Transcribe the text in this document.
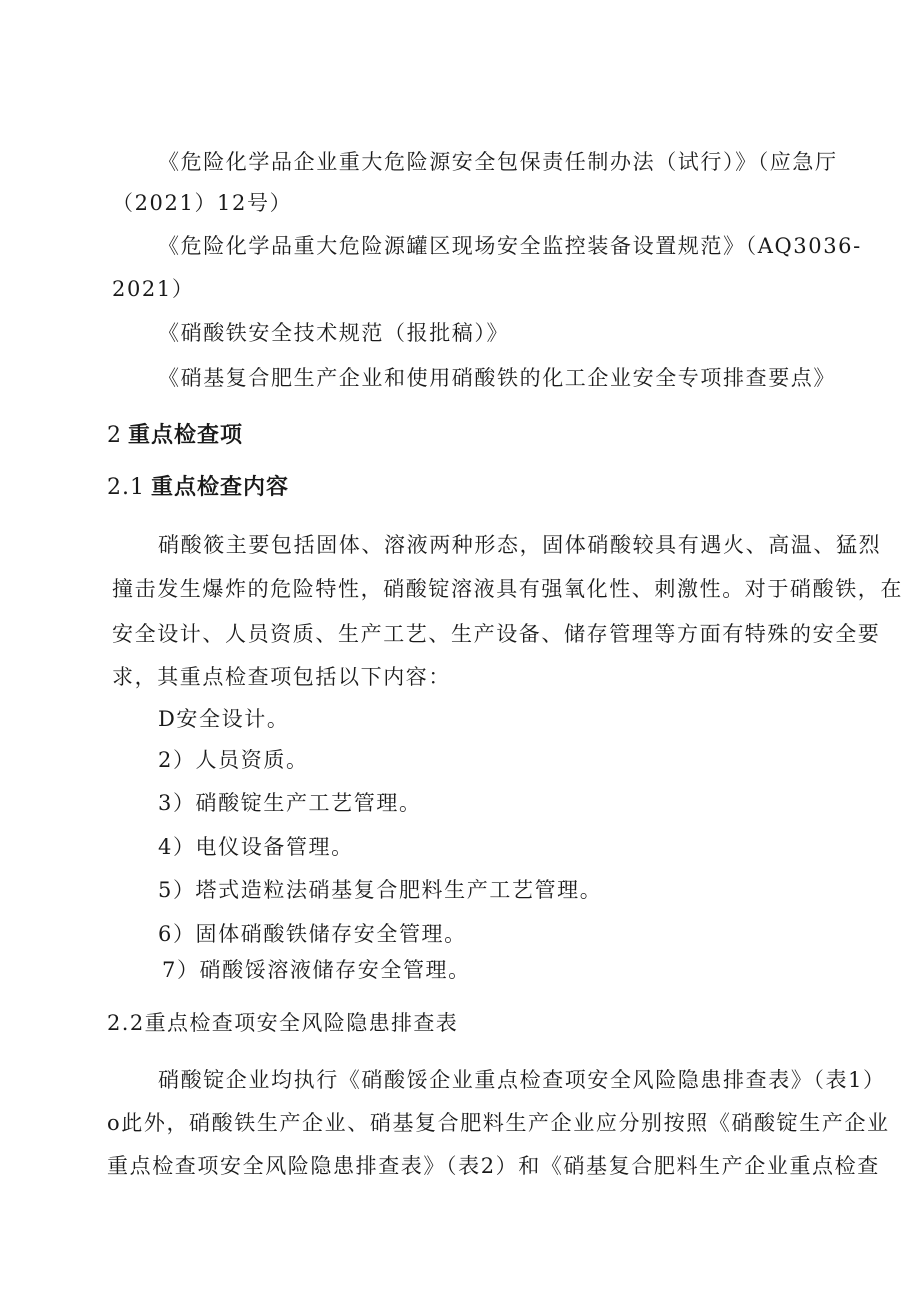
《危险化学品企业重大危险源安全包保责任制办法（试行）》（应急厅
（2021）12号）
《危险化学品重大危险源罐区现场安全监控装备设置规范》（AQ3036-
2021）
《硝酸铁安全技术规范（报批稿）》
《硝基复合肥生产企业和使用硝酸铁的化工企业安全专项排查要点》
2 重点检查项
2.1 重点检查内容
硝酸筱主要包括固体、溶液两种形态，固体硝酸较具有遇火、高温、猛烈
撞击发生爆炸的危险特性，硝酸锭溶液具有强氧化性、刺激性。对于硝酸铁，在
安全设计、人员资质、生产工艺、生产设备、储存管理等方面有特殊的安全要
求，其重点检查项包括以下内容：
D安全设计。
2）人员资质。
3）硝酸锭生产工艺管理。
4）电仪设备管理。
5）塔式造粒法硝基复合肥料生产工艺管理。
6）固体硝酸铁储存安全管理。
7）硝酸馁溶液储存安全管理。
2.2重点检查项安全风险隐患排查表
硝酸锭企业均执行《硝酸馁企业重点检查项安全风险隐患排查表》（表1）
o此外，硝酸铁生产企业、硝基复合肥料生产企业应分别按照《硝酸锭生产企业
重点检查项安全风险隐患排查表》（表2）和《硝基复合肥料生产企业重点检查
